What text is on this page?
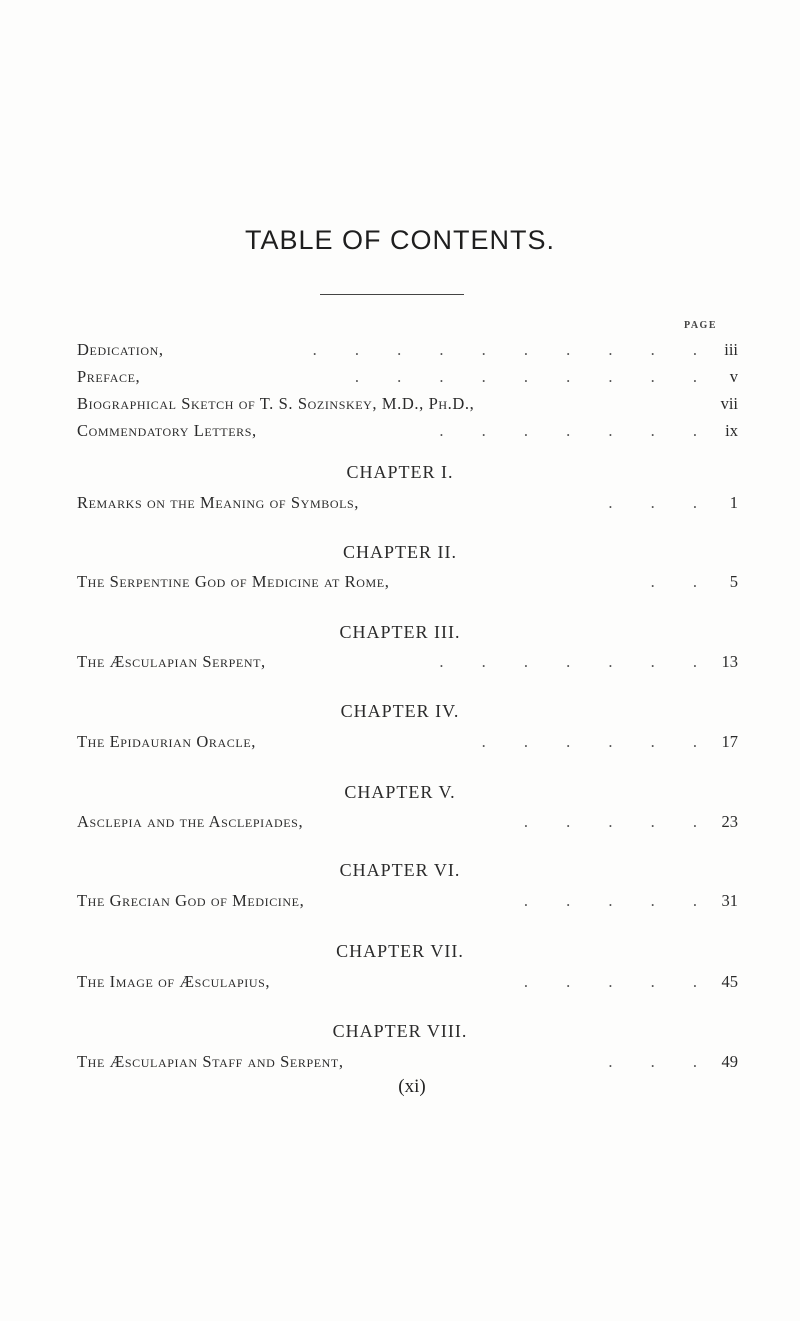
TABLE OF CONTENTS.
PAGE
Dedication,	. . . . . . . . . . iii
Preface,	. . . . . . . . . v
Biographical Sketch of T. S. Sozinskey, M.D., Ph.D.,	vii
Commendatory Letters,	. . . . . . . ix
CHAPTER I.
Remarks on the Meaning of Symbols,	. . . 1
CHAPTER II.
The Serpentine God of Medicine at Rome,	. . 5
CHAPTER III.
The Æsculapian Serpent,	. . . . . . . 13
CHAPTER IV.
The Epidaurian Oracle,	. . . . . . 17
CHAPTER V.
Asclepia and the Asclepiades,	. . . . . 23
CHAPTER VI.
The Grecian God of Medicine,	. . . . . 31
CHAPTER VII.
The Image of Æsculapius,	. . . . . 45
CHAPTER VIII.
The Æsculapian Staff and Serpent,	. . . 49
(xi)
